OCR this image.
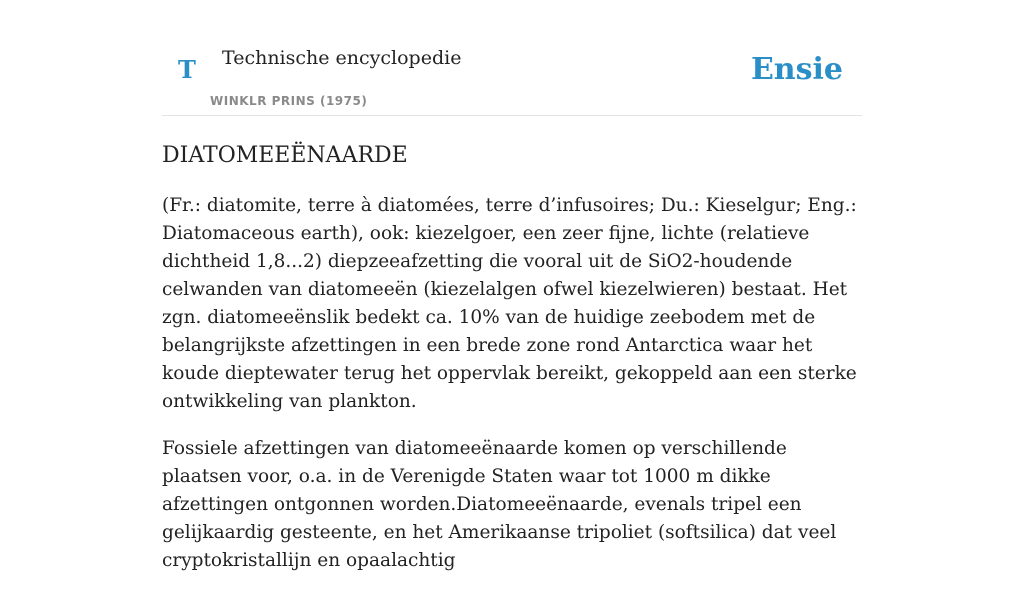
T Technische encyclopedie
WINKLR PRINS (1975)
Ensie
DIATOMEEËNAARDE

(Fr.: diatomite, terre à diatomées, terre d’infusoires; Du.: Kieselgur; Eng.: Diatomaceous earth), ook: kiezelgoer, een zeer fijne, lichte (relatieve dichtheid 1,8...2) diepzeeafzetting die vooral uit de SiO2-houdende celwanden van diatomeeën (kiezelalgen ofwel kiezelwieren) bestaat. Het zgn. diatomeeënslik bedekt ca. 10% van de huidige zeebodem met de belangrijkste afzettingen in een brede zone rond Antarctica waar het koude dieptewater terug het oppervlak bereikt, gekoppeld aan een sterke ontwikkeling van plankton.

Fossiele afzettingen van diatomeeënaarde komen op verschillende plaatsen voor, o.a. in de Verenigde Staten waar tot 1000 m dikke afzettingen ontgonnen worden.Diatomeeënaarde, evenals tripel een gelijkaardig gesteente, en het Amerikaanse tripoliet (softsilica) dat veel cryptokristallijn en opaalachtig
